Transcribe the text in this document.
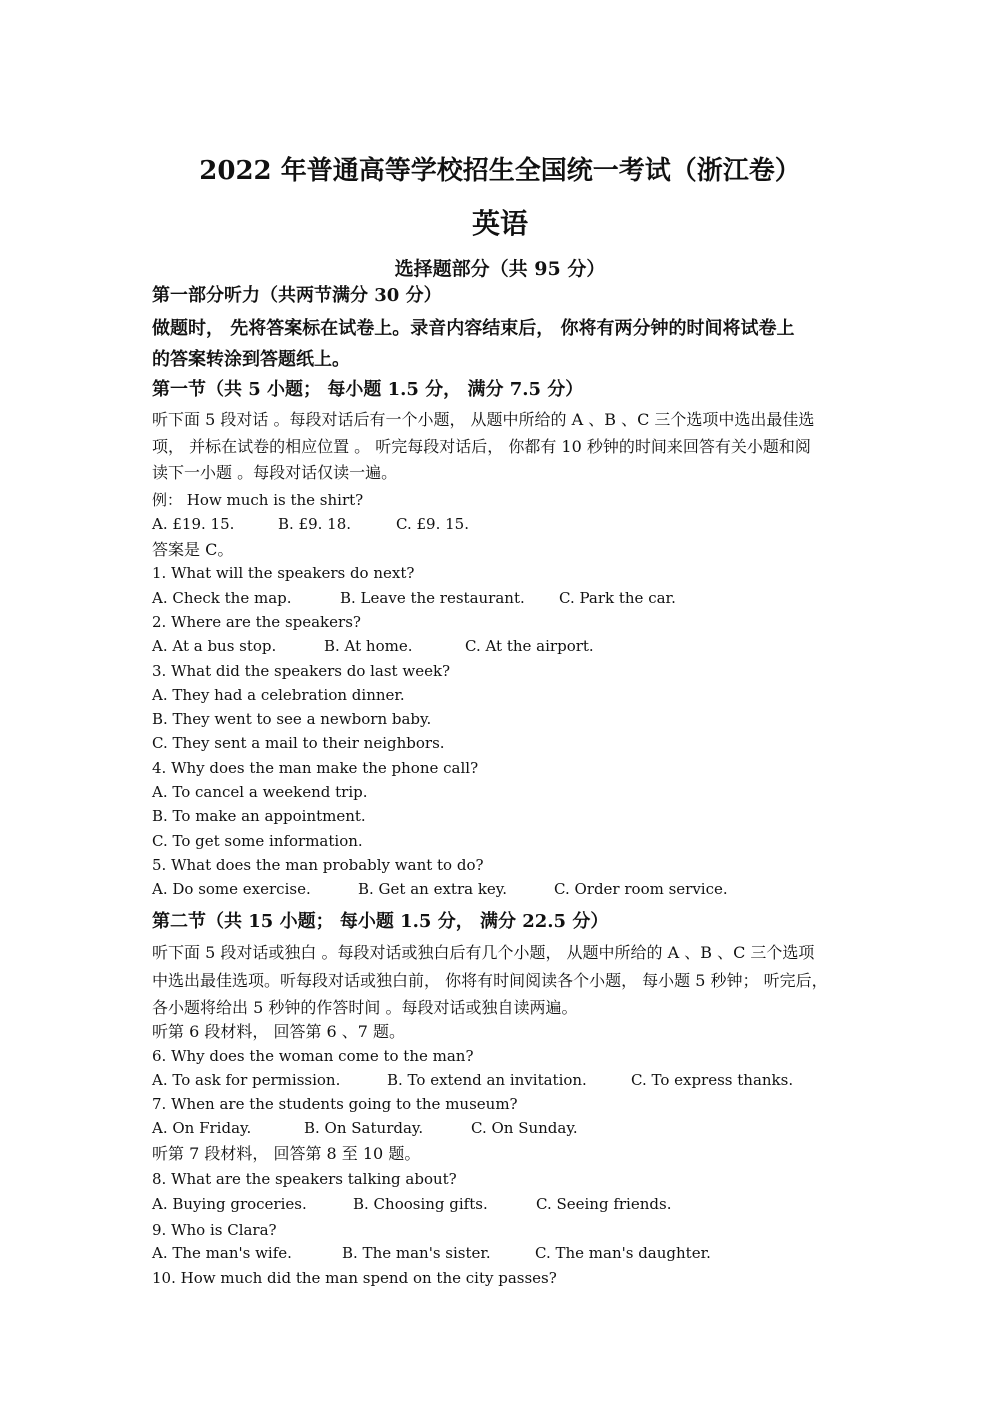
2022 年普通高等学校招生全国统一考试（浙江卷）
英语
选择题部分（共 95 分）
第一部分听力（共两节满分 30 分）
做题时， 先将答案标在试卷上。录音内容结束后， 你将有两分钟的时间将试卷上
的答案转涂到答题纸上。
第一节（共 5 小题； 每小题 1.5 分， 满分 7.5 分）
听下面 5 段对话 。每段对话后有一个小题， 从题中所给的 A 、B 、C 三个选项中选出最佳选
项， 并标在试卷的相应位置 。 听完每段对话后， 你都有 10 秒钟的时间来回答有关小题和阅
读下一小题 。每段对话仅读一遍。
例： How much is the shirt?
A. £19. 15.	B. £9. 18.	C. £9. 15.
答案是 C。
1. What will the speakers do next?
A. Check the map.	B. Leave the restaurant. C. Park the car.
2. Where are the speakers?
A. At a bus stop.	B. At home.	C. At the airport.
3. What did the speakers do last week?
A. They had a celebration dinner.
B. They went to see a newborn baby.
C. They sent a mail to their neighbors.
4. Why does the man make the phone call?
A. To cancel a weekend trip.
B. To make an appointment.
C. To get some information.
5. What does the man probably want to do?
A. Do some exercise.	B. Get an extra key.	C. Order room service.
第二节（共 15 小题； 每小题 1.5 分， 满分 22.5 分）
听下面 5 段对话或独白 。每段对话或独白后有几个小题， 从题中所给的 A 、B 、C 三个选项
中选出最佳选项。听每段对话或独白前， 你将有时间阅读各个小题， 每小题 5 秒钟； 听完后，
各小题将给出 5 秒钟的作答时间 。每段对话或独自读两遍。
听第 6 段材料， 回答第 6 、7 题。
6. Why does the woman come to the man?
A. To ask for permission.	B. To extend an invitation.	C. To express thanks.
7. When are the students going to the museum?
A. On Friday.	B. On Saturday.	C. On Sunday.
听第 7 段材料， 回答第 8 至 10 题。
8. What are the speakers talking about?
A. Buying groceries.	B. Choosing gifts.	C. Seeing friends.
9. Who is Clara?
A. The man's wife.	B. The man's sister.	C. The man's daughter.
10. How much did the man spend on the city passes?
